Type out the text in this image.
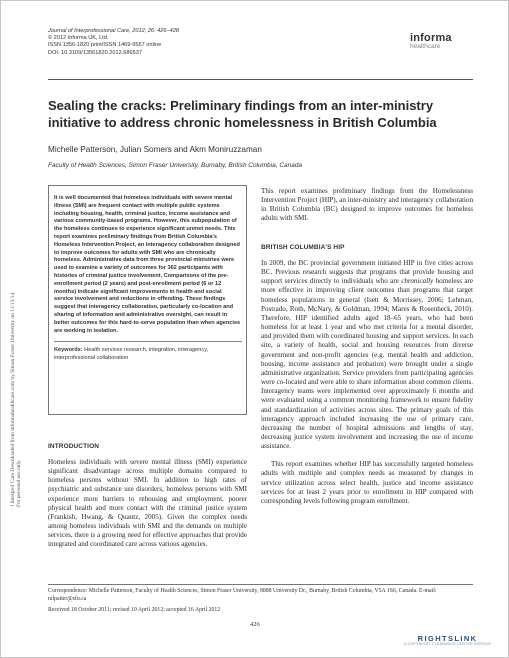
Journal of Interprofessional Care, 2012; 26: 426–428
© 2012 Informa UK, Ltd.
ISSN 1356-1820 print/ISSN 1469-9567 online
DOI: 10.3109/13561820.2012.686537
informa
healthcare
Sealing the cracks: Preliminary findings from an inter-ministry initiative to address chronic homelessness in British Columbia
Michelle Patterson, Julian Somers and Akm Moniruzzaman
Faculty of Health Sciences, Simon Fraser University, Burnaby, British Columbia, Canada
J Interprof Care Downloaded from informahealthcare.com by Simon Fraser University on 11/13/14 For personal use only.

It is well documented that homeless individuals with severe mental illness (SMI) are frequent contact with multiple public systems including housing, health, criminal justice, income assistance and various community-based programs. However, this subpopulation of the homeless continues to experience significant unmet needs. This report examines preliminary findings from British Columbia's Homeless Intervention Project, an interagency collaboration designed to improve outcomes for adults with SMI who are chronically homeless. Administrative data from three provincial ministries were used to examine a variety of outcomes for 362 participants with histories of criminal justice involvement. Comparisons of the pre-enrollment period (2 years) and post-enrollment period (6 or 12 months) indicate significant improvements in health and social service involvement and reductions in offending. These findings suggest that interagency collaboration, particularly co-location and sharing of information and administrative oversight, can result in better outcomes for this hard-to-serve population than when agencies are working in isolation.

Keywords: Health services research, integration, interagency, interprofessional collaboration
INTRODUCTION

Homeless individuals with severe mental illness (SMI) experience significant disadvantage across multiple domains compared to homeless persons without SMI. In addition to high rates of psychiatric and substance use disorders, homeless persons with SMI experience more barriers to rehousing and employment, poorer physical health and more contact with the criminal justice system (Frankish, Hwang, & Quantz, 2005). Given the complex needs among homeless individuals with SMI and the demands on multiple services, there is a growing need for effective approaches that provide integrated and coordinated care across various agencies.

This report examines preliminary findings from the Homelessness Intervention Project (HIP), an inter-ministry and interagency collaboration in British Columbia (BC) designed to improve outcomes for homeless adults with SMI.

BRITISH COLUMBIA'S HIP

In 2009, the BC provincial government initiated HIP in five cities across BC. Previous research suggests that programs that provide housing and support services directly to individuals who are chronically homeless are more effective in improving client outcomes than programs that target homeless populations in general (Isett & Morrissey, 2006; Lehman, Postrado, Roth, McNary, & Goldman, 1994; Mares & Rosenheck, 2010). Therefore, HIP identified adults aged 18–65 years, who had been homeless for at least 1 year and who met criteria for a mental disorder, and provided them with coordinated housing and support services. In each site, a variety of health, social and housing resources from diverse government and non-profit agencies (e.g. mental health and addiction, housing, income assistance and probation) were brought under a single administrative organization. Service providers from participating agencies were co-located and were able to share information about common clients. Interagency teams were implemented over approximately 6 months and were evaluated using a common monitoring framework to ensure fidelity and standardization of activities across sites. The primary goals of this interagency approach included increasing the use of primary care, decreasing the number of hospital admissions and lengths of stay, decreasing justice system involvement and increasing the use of income assistance.

This report examines whether HIP has successfully targeted homeless adults with multiple and complex needs as measured by changes in service utilization across select health, justice and income assistance services for at least 2 years prior to enrollment in HIP compared with corresponding levels following program enrollment.

Correspondence: Michelle Patterson, Faculty of Health Sciences, Simon Fraser University, 8888 University Dr., Burnaby, British Columbia, V5A 1S6, Canada. E-mail: mlpatter@sfu.ca

Received 18 October 2011; revised 10 April 2012; accepted 16 April 2012

426
RIGHTSLINK
A COPYRIGHT CLEARANCE CENTER SERVICE
